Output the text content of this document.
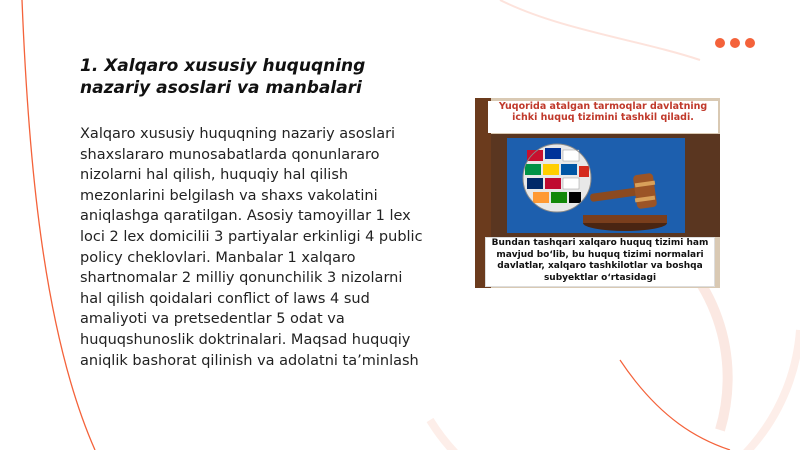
1. Xalqaro xususiy huquqning nazariy asoslari va manbalari

Xalqaro xususiy huquqning nazariy asoslari shaxslararo munosabatlarda qonunlararo nizolarni hal qilish, huquqiy hal qilish mezonlarini belgilash va shaxs vakolatini aniqlashga qaratilgan. Asosiy tamoyillar 1 lex loci 2 lex domicilii 3 partiyalar erkinligi 4 public policy cheklovlari. Manbalar 1 xalqaro shartnomalar 2 milliy qonunchilik 3 nizolarni hal qilish qoidalari conflict of laws 4 sud amaliyoti va pretsedentlar 5 odat va huquqshunoslik doktrinalari. Maqsad huquqiy aniqlik bashorat qilinish va adolatni ta’minlash

Yuqorida atalgan tarmoqlar davlatning ichki huquq tizimini tashkil qiladi.
Bundan tashqari xalqaro huquq tizimi ham mavjud bo‘lib, bu huquq tizimi normalari davlatlar, xalqaro tashkilotlar va boshqa subyektlar o‘rtasidagi
